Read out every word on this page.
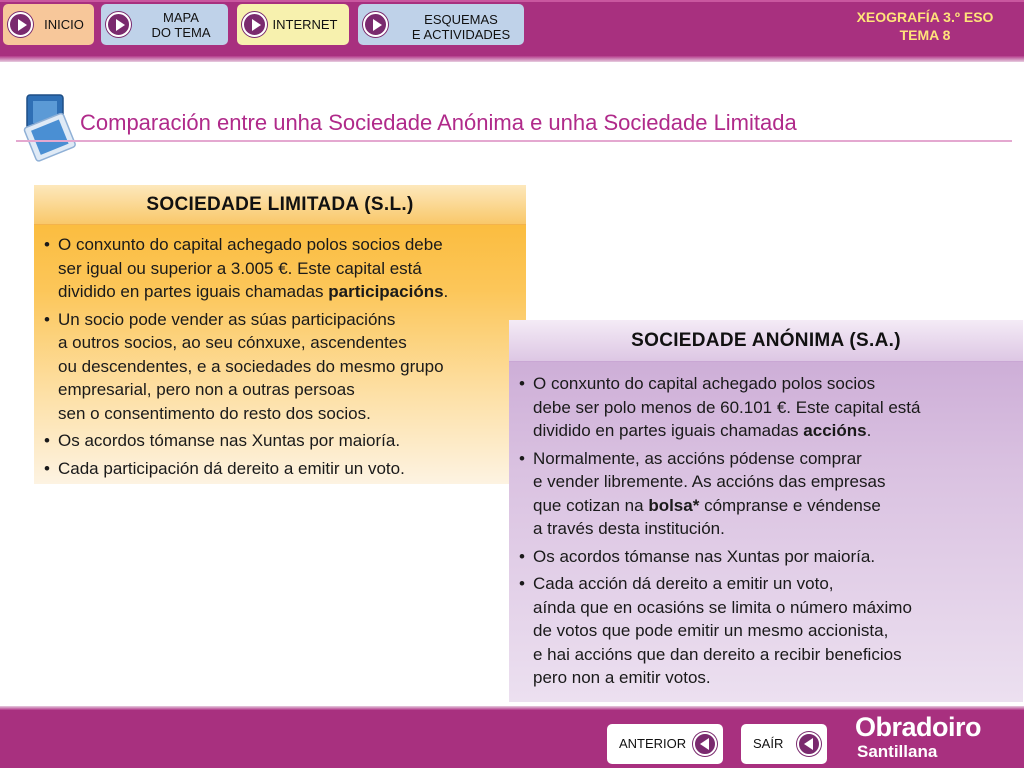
INICIO	MAPA
DO TEMA
INTERNET	ESQUEMAS
E ACTIVIDADES
XEOGRAFÍA 3.º ESO
TEMA 8
Comparación entre unha Sociedade Anónima e unha Sociedade Limitada
SOCIEDADE LIMITADA (S.L.)
• O conxunto do capital achegado polos socios debe
ser igual ou superior a 3.005 €. Este capital está
dividido en partes iguais chamadas participacións.
• Un socio pode vender as súas participacións
a outros socios, ao seu cónxuxe, ascendentes
ou descendentes, e a sociedades do mesmo grupo
empresarial, pero non a outras persoas
sen o consentimento do resto dos socios.
• Os acordos tómanse nas Xuntas por maioría.
• Cada participación dá dereito a emitir un voto.
SOCIEDADE ANÓNIMA (S.A.)
• O conxunto do capital achegado polos socios
debe ser polo menos de 60.101 €. Este capital está
dividido en partes iguais chamadas accións.
• Normalmente, as accións pódense comprar
e vender libremente. As accións das empresas
que cotizan na bolsa* cómpranse e véndense
a través desta institución.
• Os acordos tómanse nas Xuntas por maioría.
• Cada acción dá dereito a emitir un voto,
aínda que en ocasións se limita o número máximo
de votos que pode emitir un mesmo accionista,
e hai accións que dan dereito a recibir beneficios
pero non a emitir votos.
ANTERIOR	SAÍR
Obradoiro
Santillana
